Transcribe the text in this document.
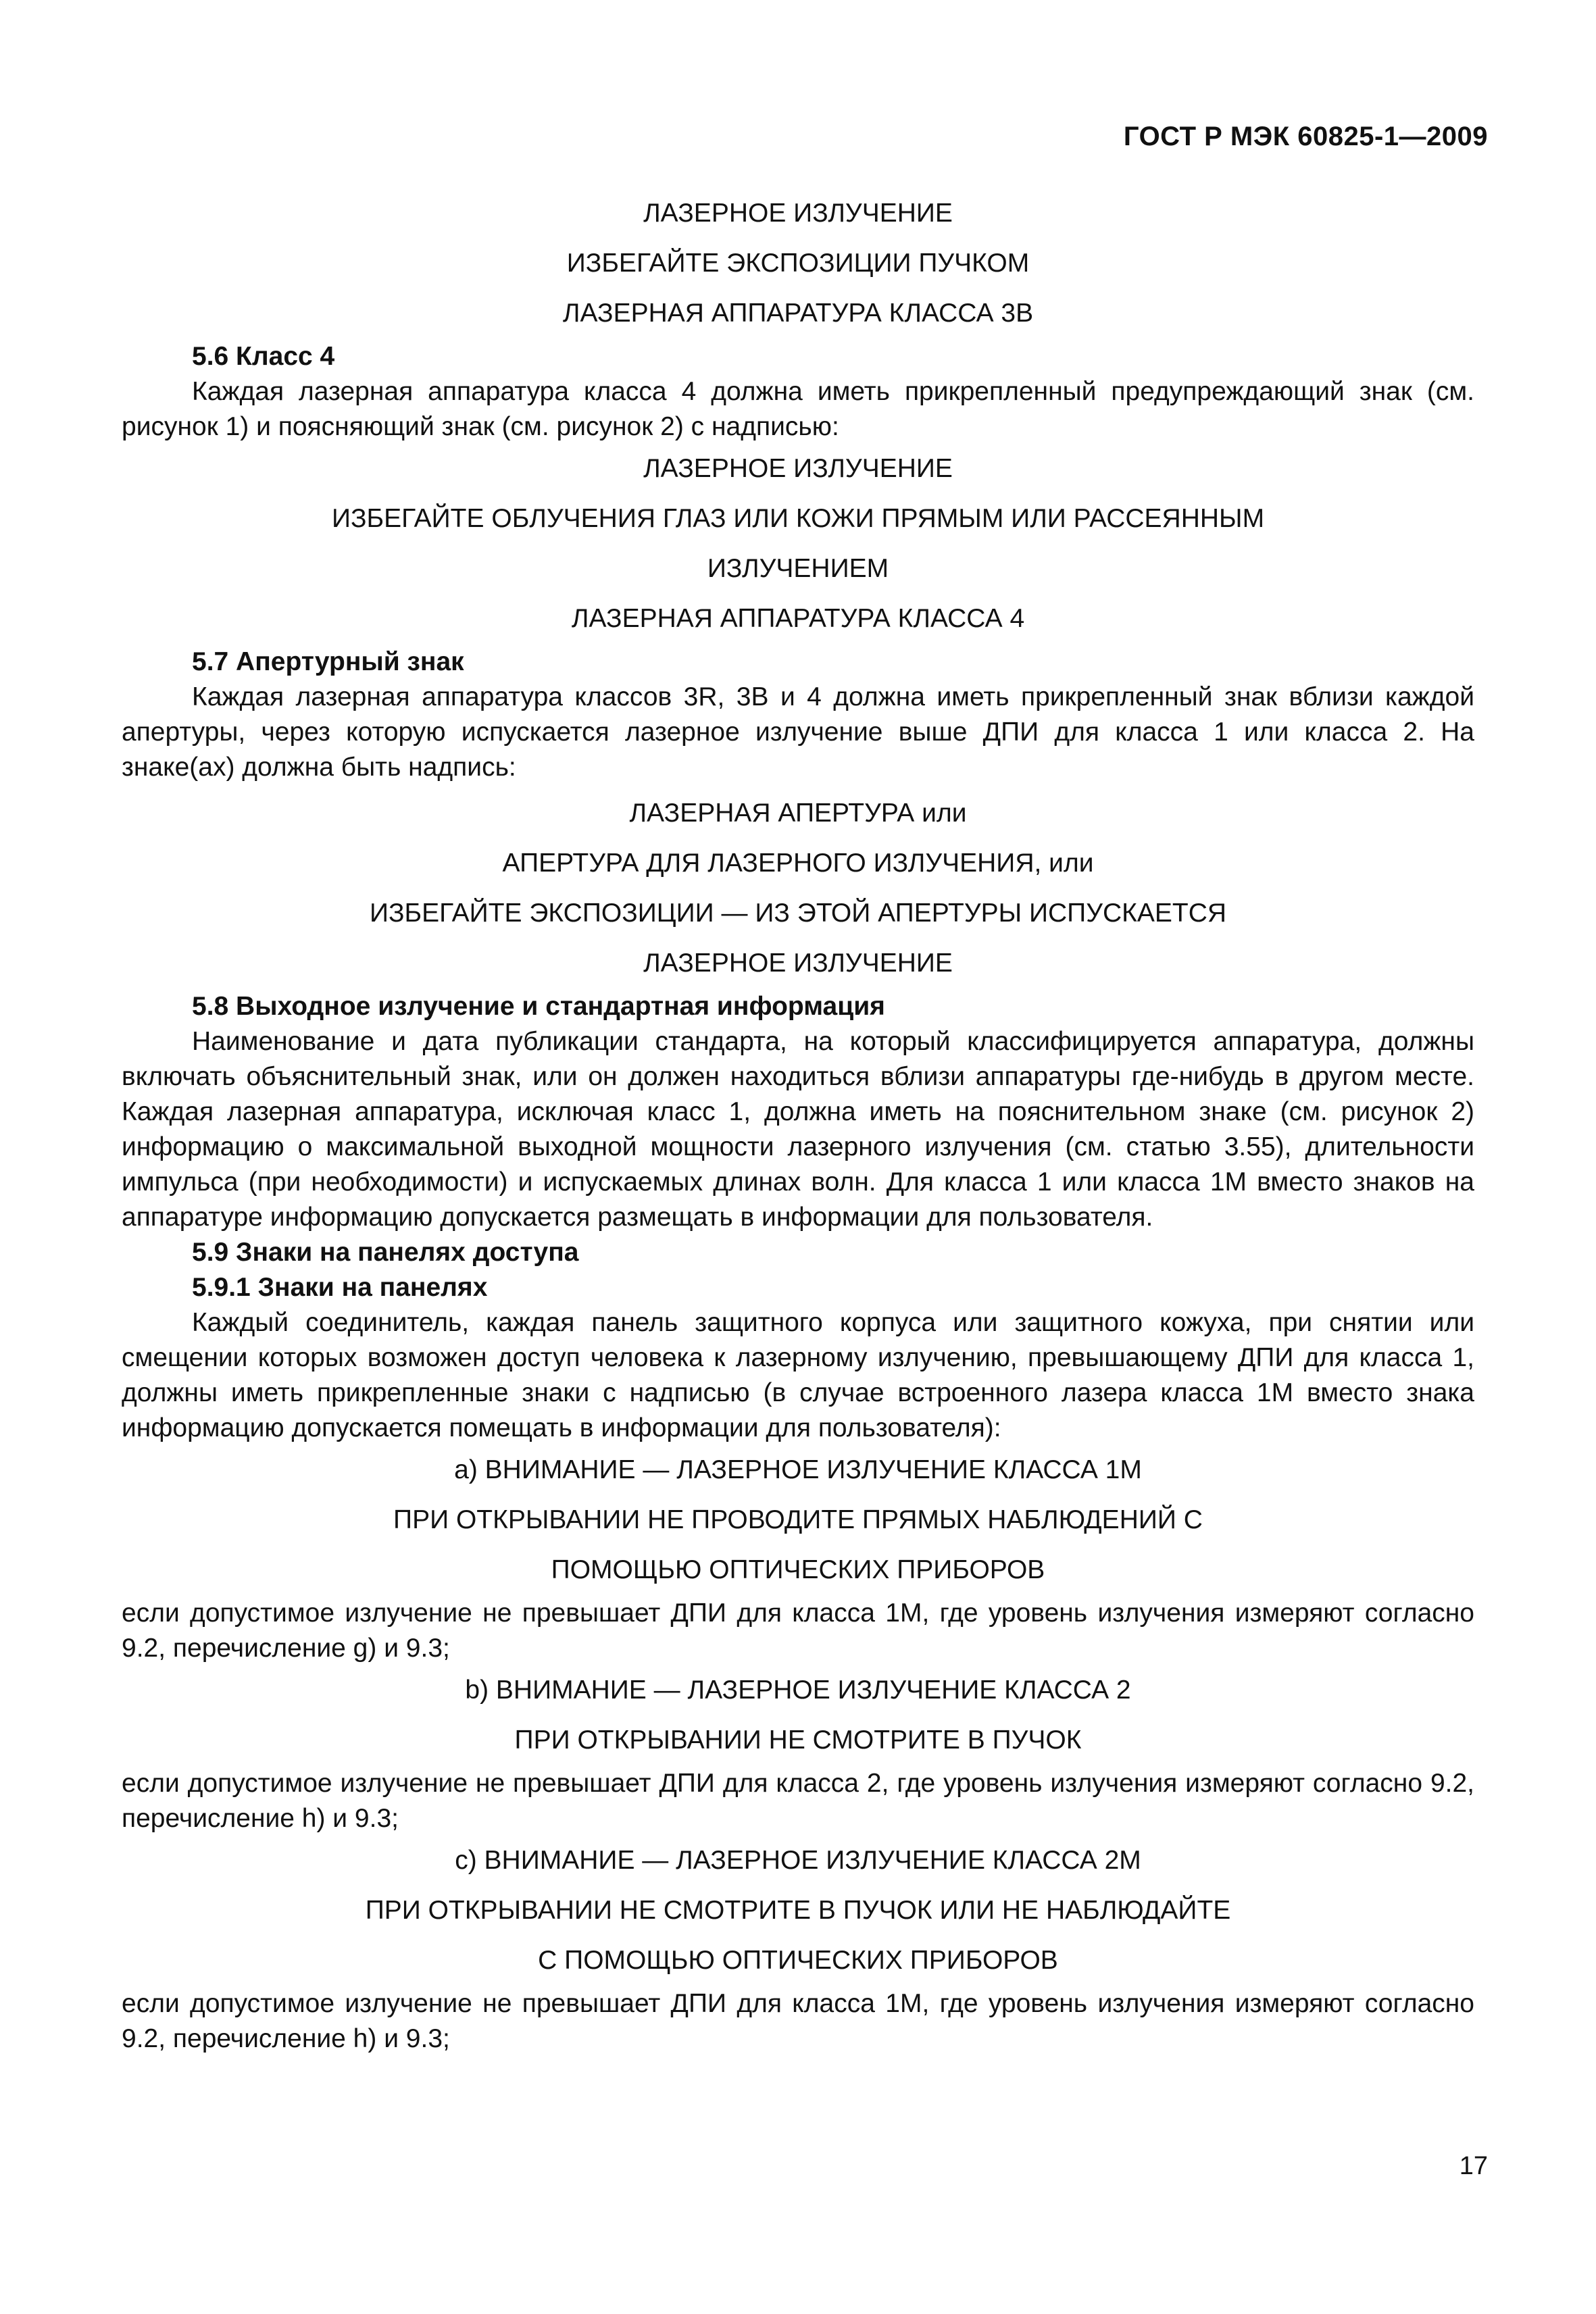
ГОСТ Р МЭК 60825-1—2009

ЛАЗЕРНОЕ ИЗЛУЧЕНИЕ

ИЗБЕГАЙТЕ ЭКСПОЗИЦИИ ПУЧКОМ

ЛАЗЕРНАЯ АППАРАТУРА КЛАССА 3В

5.6 Класс 4

Каждая лазерная аппаратура класса 4 должна иметь прикрепленный предупреждающий знак (см. рисунок 1) и поясняющий знак (см. рисунок 2) с надписью:

ЛАЗЕРНОЕ ИЗЛУЧЕНИЕ

ИЗБЕГАЙТЕ ОБЛУЧЕНИЯ ГЛАЗ ИЛИ КОЖИ ПРЯМЫМ ИЛИ РАССЕЯННЫМ

ИЗЛУЧЕНИЕМ

ЛАЗЕРНАЯ АППАРАТУРА КЛАССА 4

5.7 Апертурный знак

Каждая лазерная аппаратура классов 3R, 3B и 4 должна иметь прикрепленный знак вблизи каждой апертуры, через которую испускается лазерное излучение выше ДПИ для класса 1 или класса 2. На знаке(ах) должна быть надпись:

ЛАЗЕРНАЯ АПЕРТУРА или

АПЕРТУРА ДЛЯ ЛАЗЕРНОГО ИЗЛУЧЕНИЯ, или

ИЗБЕГАЙТЕ ЭКСПОЗИЦИИ — ИЗ ЭТОЙ АПЕРТУРЫ ИСПУСКАЕТСЯ

ЛАЗЕРНОЕ ИЗЛУЧЕНИЕ

5.8 Выходное излучение и стандартная информация

Наименование и дата публикации стандарта, на который классифицируется аппаратура, должны включать объяснительный знак, или он должен находиться вблизи аппаратуры где-нибудь в другом месте. Каждая лазерная аппаратура, исключая класс 1, должна иметь на пояснительном знаке (см. рисунок 2) информацию о максимальной выходной мощности лазерного излучения (см. статью 3.55), длительности импульса (при необходимости) и испускаемых длинах волн. Для класса 1 или класса 1М вместо знаков на аппаратуре информацию допускается размещать в информации для пользователя.

5.9 Знаки на панелях доступа

5.9.1 Знаки на панелях

Каждый соединитель, каждая панель защитного корпуса или защитного кожуха, при снятии или смещении которых возможен доступ человека к лазерному излучению, превышающему ДПИ для класса 1, должны иметь прикрепленные знаки с надписью (в случае встроенного лазера класса 1М вместо знака информацию допускается помещать в информации для пользователя):

a) ВНИМАНИЕ — ЛАЗЕРНОЕ ИЗЛУЧЕНИЕ КЛАССА 1М

ПРИ ОТКРЫВАНИИ НЕ ПРОВОДИТЕ ПРЯМЫХ НАБЛЮДЕНИЙ С

ПОМОЩЬЮ ОПТИЧЕСКИХ ПРИБОРОВ

если допустимое излучение не превышает ДПИ для класса 1М, где уровень излучения измеряют согласно 9.2, перечисление g) и 9.3;

b) ВНИМАНИЕ — ЛАЗЕРНОЕ ИЗЛУЧЕНИЕ КЛАССА 2

ПРИ ОТКРЫВАНИИ НЕ СМОТРИТЕ В ПУЧОК

если допустимое излучение не превышает ДПИ для класса 2, где уровень излучения измеряют согласно 9.2, перечисление h) и 9.3;

c) ВНИМАНИЕ — ЛАЗЕРНОЕ ИЗЛУЧЕНИЕ КЛАССА 2М

ПРИ ОТКРЫВАНИИ НЕ СМОТРИТЕ В ПУЧОК ИЛИ НЕ НАБЛЮДАЙТЕ

С ПОМОЩЬЮ ОПТИЧЕСКИХ ПРИБОРОВ

если допустимое излучение не превышает ДПИ для класса 1М, где уровень излучения измеряют согласно 9.2, перечисление h) и 9.3;

17
